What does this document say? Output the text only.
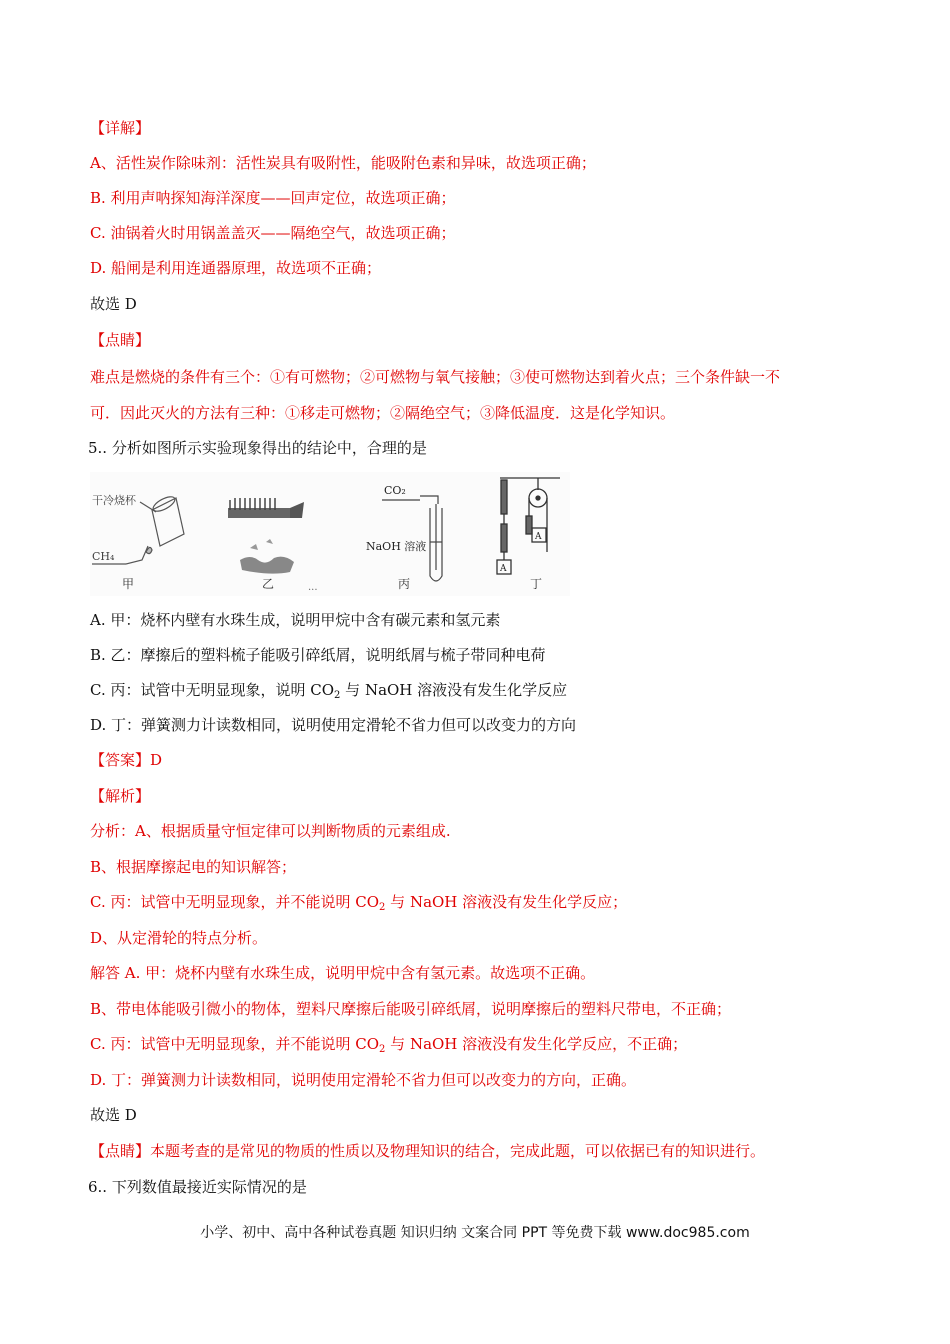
【详解】
A、活性炭作除味剂：活性炭具有吸附性，能吸附色素和异味，故选项正确；
B. 利用声呐探知海洋深度——回声定位，故选项正确；
C. 油锅着火时用锅盖盖灭——隔绝空气，故选项正确；
D. 船闸是利用连通器原理，故选项不正确；
故选 D
【点睛】
难点是燃烧的条件有三个：①有可燃物；②可燃物与氧气接触；③使可燃物达到着火点；三个条件缺一不
可．因此灭火的方法有三种：①移走可燃物；②隔绝空气；③降低温度．这是化学知识。
5.. 分析如图所示实验现象得出的结论中，合理的是
干冷烧杯
CH₄
甲	乙	...
CO₂
NaOH 溶液
丙
A
A
丁
A. 甲：烧杯内壁有水珠生成，说明甲烷中含有碳元素和氢元素
B. 乙：摩擦后的塑料梳子能吸引碎纸屑，说明纸屑与梳子带同种电荷
C. 丙：试管中无明显现象，说明 $CO_2$ 与 NaOH 溶液没有发生化学反应
D. 丁：弹簧测力计读数相同，说明使用定滑轮不省力但可以改变力的方向
【答案】D
【解析】
分析：A、根据质量守恒定律可以判断物质的元素组成.
B、根据摩擦起电的知识解答；
C. 丙：试管中无明显现象，并不能说明 $CO_2$ 与 NaOH 溶液没有发生化学反应；
D、从定滑轮的特点分析。
解答 A. 甲：烧杯内壁有水珠生成，说明甲烷中含有氢元素。故选项不正确。
B、带电体能吸引微小的物体，塑料尺摩擦后能吸引碎纸屑，说明摩擦后的塑料尺带电，不正确；
C. 丙：试管中无明显现象，并不能说明 $CO_2$ 与 NaOH 溶液没有发生化学反应，不正确；
D. 丁：弹簧测力计读数相同，说明使用定滑轮不省力但可以改变力的方向，正确。
故选 D
【点睛】本题考查的是常见的物质的性质以及物理知识的结合，完成此题，可以依据已有的知识进行。
6.. 下列数值最接近实际情况的是
小学、初中、高中各种试卷真题 知识归纳 文案合同 PPT 等免费下载 www.doc985.com
